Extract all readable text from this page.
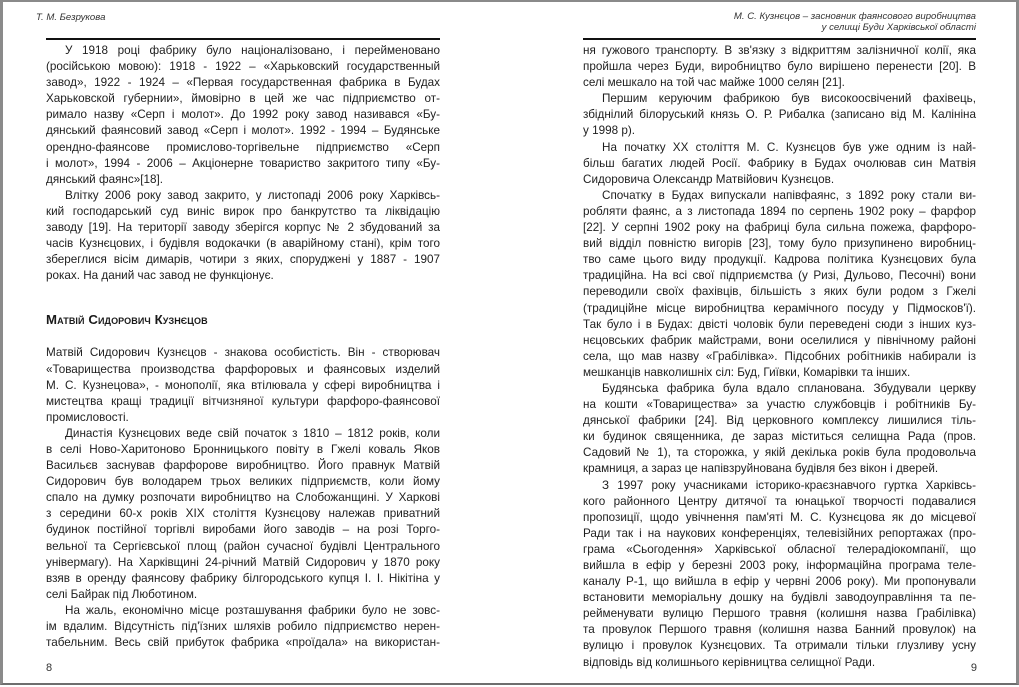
Т. М. Безрукова

У 1918 році фабрику було націоналізовано, і перейменовано
(російською мовою): 1918 - 1922 – «Харьковский государственный
завод», 1922 - 1924 – «Первая государственная фабрика в Будах
Харьковской губернии», ймовірно в цей же час підприємство от-
римало назву «Серп і молот». До 1992 року завод називався «Бу-
дянський фаянсовий завод «Серп і молот». 1992 - 1994 – Будянське
орендно-фаянсове промислово-торгівельне підприємство «Серп
і молот», 1994 - 2006 – Акціонерне товариство закритого типу «Бу-
дянський фаянс»[18].

Влітку 2006 року завод закрито, у листопаді 2006 року Харківсь-
кий господарський суд виніс вирок про банкрутство та ліквідацію
заводу [19]. На території заводу зберігся корпус № 2 збудований за
часів Кузнєцових, і будівля водокачки (в аварійному стані), крім того
збереглися вісім димарів, чотири з яких, споруджені у 1887 - 1907
роках. На даний час завод не функціонує.

Матвій Сидорович Кузнєцов

Матвій Сидорович Кузнєцов - знакова особистість. Він - створювач
«Товарищества производства фарфоровых и фаянсовых изделий
М. С. Кузнецова», - монополії, яка втілювала у сфері виробництва і
мистецтва кращі традиції вітчизняної культури фарфоро-фаянсової
промисловості.

Династія Кузнєцових веде свій початок з 1810 – 1812 років, коли
в селі Ново-Харитоново Бронницького повіту в Гжелі коваль Яков
Васильєв заснував фарфорове виробництво. Його правнук Матвій
Сидорович був володарем трьох великих підприємств, коли йому
спало на думку розпочати виробництво на Слобожанщині. У Харкові
з середини 60-х років XIX століття Кузнєцову належав приватний
будинок постійної торгівлі виробами його заводів – на розі Торго-
вельної та Сергієвської площ (район сучасної будівлі Центрального
універмагу). На Харківщині 24-річний Матвій Сидорович у 1870 року
взяв в оренду фаянсову фабрику білгородського купця І. І. Нікітіна у
селі Байрак під Люботином.

На жаль, економічно місце розташування фабрики було не зовс-
ім вдалим. Відсутність під'їзних шляхів робило підприємство нерен-
табельним. Весь свій прибуток фабрика «проїдала» на використан-

8
М. С. Кузнєцов – засновник фаянсового виробництва
у селищі Буди Харківської області

ня гужового транспорту. В зв'язку з відкриттям залізничної колії, яка
пройшла через Буди, виробництво було вирішено перенести [20]. В
селі мешкало на той час майже 1000 селян [21].

Першим керуючим фабрикою був високоосвічений фахівець,
збіднілий білоруський князь О. Р. Рибалка (записано від М. Калініна
у 1998 р).

На початку XX століття М. С. Кузнєцов був уже одним із най-
більш багатих людей Росії. Фабрику в Будах очолював син Матвія
Сидоровича Олександр Матвійович Кузнєцов.

Спочатку в Будах випускали напівфаянс, з 1892 року стали ви-
робляти фаянс, а з листопада 1894 по серпень 1902 року – фарфор
[22]. У серпні 1902 року на фабриці була сильна пожежа, фарфоро-
вий відділ повністю вигорів [23], тому було призупинено виробниц-
тво саме цього виду продукції. Кадрова політика Кузнєцових була
традиційна. На всі свої підприємства (у Ризі, Дульово, Песочні) вони
переводили своїх фахівців, більшість з яких були родом з Гжелі
(традиційне місце виробництва керамічного посуду у Підмосков'ї).
Так було і в Будах: двісті чоловік були переведені сюди з інших куз-
нєцовських фабрик майстрами, вони оселилися у північному районі
села, що мав назву «Грабілівка». Підсобних робітників набирали із
мешканців навколишніх сіл: Буд, Гиївки, Комарівки та інших.

Будянська фабрика була вдало спланована. Збудували церкву
на кошти «Товарищества» за участю службовців і робітників Бу-
дянської фабрики [24]. Від церковного комплексу лишилися тіль-
ки будинок священника, де зараз міститься селищна Рада (пров.
Садовий № 1), та сторожка, у якій декілька років була продовольча
крамниця, а зараз це напівзруйнована будівля без вікон і дверей.

З 1997 року учасниками історико-краєзнавчого гуртка Харківсь-
кого районного Центру дитячої та юнацької творчості подавалися
пропозиції, щодо увічнення пам'яті М. С. Кузнєцова як до місцевої
Ради так і на наукових конференціях, телевізійних репортажах (про-
грама «Сьогодення» Харківської обласної телерадіокомпанії, що
вийшла в ефір у березні 2003 року, інформаційна програма теле-
каналу Р-1, що вийшла в ефір у червні 2006 року). Ми пропонували
встановити меморіальну дошку на будівлі заводоуправління та пе-
рейменувати вулицю Першого травня (колишня назва Грабілівка)
та провулок Першого травня (колишня назва Банний провулок) на
вулицю і провулок Кузнєцових. Та отримали тільки глузливу усну
відповідь від колишнього керівництва селищної Ради.	9
